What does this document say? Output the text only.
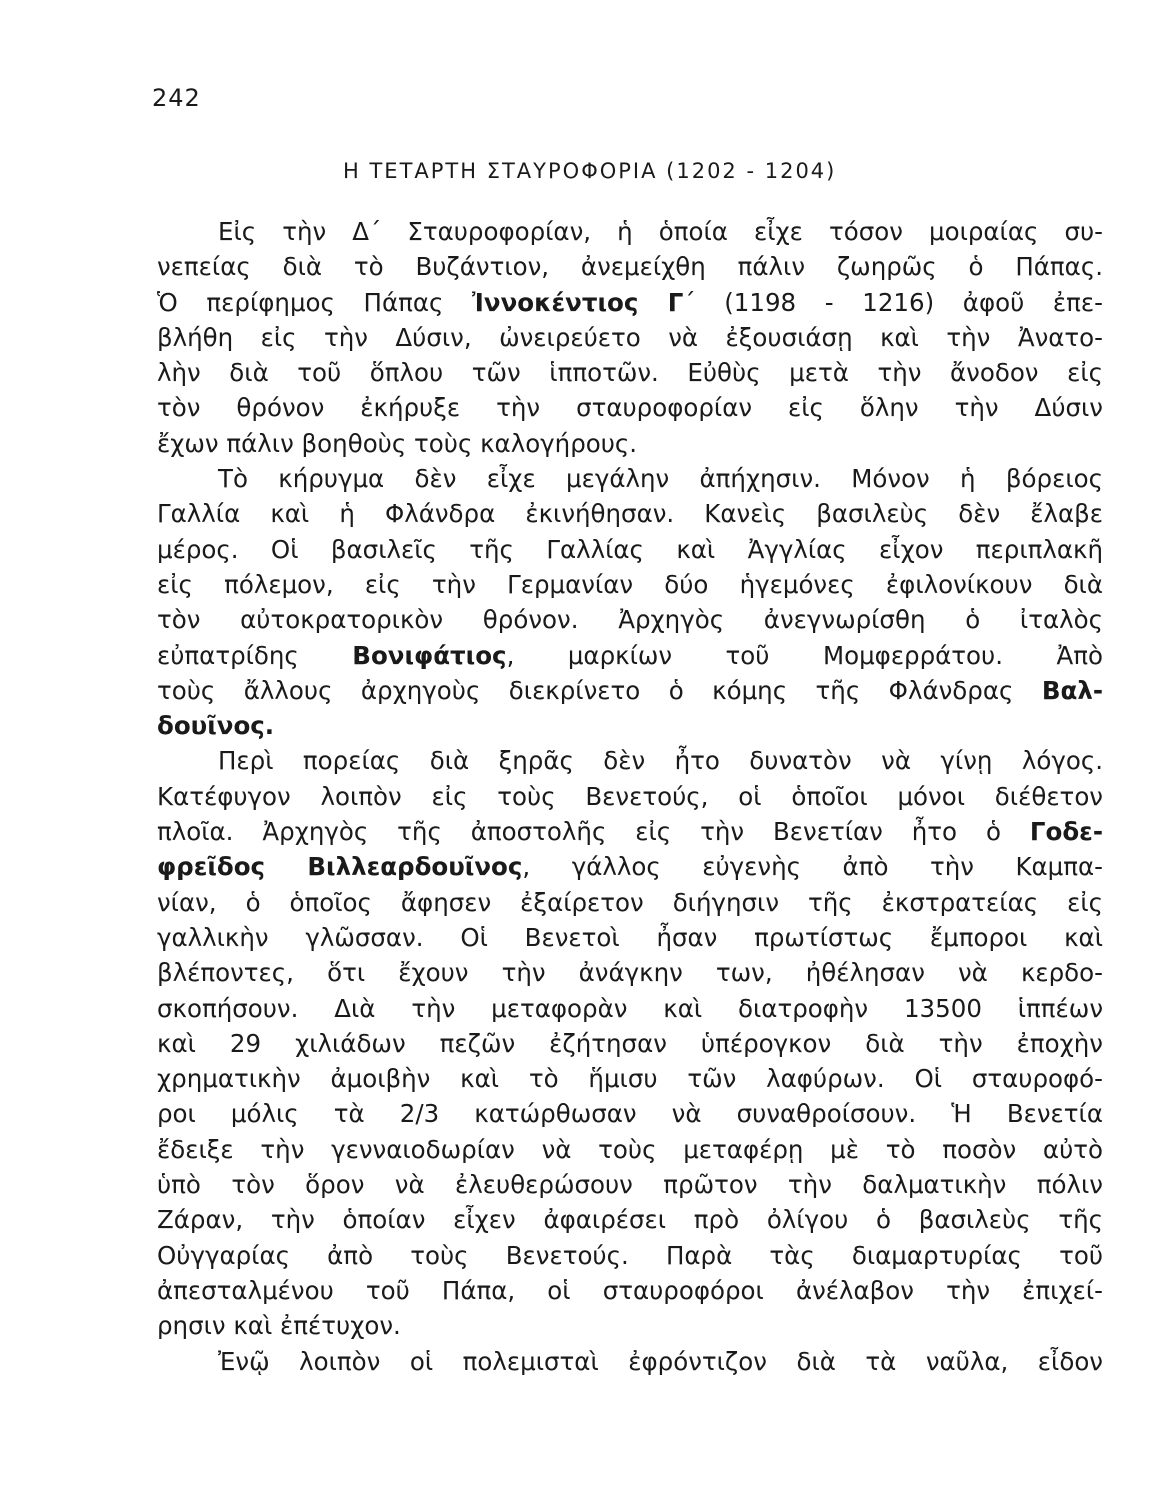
242
Η ΤΕΤΑΡΤΗ ΣΤΑΥΡΟΦΟΡΙΑ (1202 - 1204)
Εἰς τὴν Δ΄ Σταυροφορίαν, ἡ ὁποία εἶχε τόσον μοιραίας συ-
νεπείας διὰ τὸ Βυζάντιον, ἀνεμείχθη πάλιν ζωηρῶς ὁ Πάπας.
Ὁ περίφημος Πάπας Ἰννοκέντιος Γ΄ (1198 - 1216) ἀφοῦ ἐπε-
βλήθη εἰς τὴν Δύσιν, ὠνειρεύετο νὰ ἐξουσιάσῃ καὶ τὴν Ἀνατο-
λὴν διὰ τοῦ ὅπλου τῶν ἱπποτῶν. Εὐθὺς μετὰ τὴν ἄνοδον εἰς
τὸν θρόνον ἐκήρυξε τὴν σταυροφορίαν εἰς ὅλην τὴν Δύσιν
ἔχων πάλιν βοηθοὺς τοὺς καλογήρους.
Τὸ κήρυγμα δὲν εἶχε μεγάλην ἀπήχησιν. Μόνον ἡ βόρειος
Γαλλία καὶ ἡ Φλάνδρα ἐκινήθησαν. Κανεὶς βασιλεὺς δὲν ἔλαβε
μέρος. Οἱ βασιλεῖς τῆς Γαλλίας καὶ Ἀγγλίας εἶχον περιπλακῆ
εἰς πόλεμον, εἰς τὴν Γερμανίαν δύο ἡγεμόνες ἐφιλονίκουν διὰ
τὸν αὐτοκρατορικὸν θρόνον. Ἀρχηγὸς ἀνεγνωρίσθη ὁ ἰταλὸς
εὐπατρίδης Βονιφάτιος, μαρκίων τοῦ Μομφερράτου. Ἀπὸ
τοὺς ἄλλους ἀρχηγοὺς διεκρίνετο ὁ κόμης τῆς Φλάνδρας Βαλ-
δουῖνος.
Περὶ πορείας διὰ ξηρᾶς δὲν ἦτο δυνατὸν νὰ γίνῃ λόγος.
Κατέφυγον λοιπὸν εἰς τοὺς Βενετούς, οἱ ὁποῖοι μόνοι διέθετον
πλοῖα. Ἀρχηγὸς τῆς ἀποστολῆς εἰς τὴν Βενετίαν ἦτο ὁ Γοδε-
φρεῖδος Βιλλεαρδουῖνος, γάλλος εὐγενὴς ἀπὸ τὴν Καμπα-
νίαν, ὁ ὁποῖος ἄφησεν ἐξαίρετον διήγησιν τῆς ἐκστρατείας εἰς
γαλλικὴν γλῶσσαν. Οἱ Βενετοὶ ἦσαν πρωτίστως ἔμποροι καὶ
βλέποντες, ὅτι ἔχουν τὴν ἀνάγκην των, ἠθέλησαν νὰ κερδο-
σκοπήσουν. Διὰ τὴν μεταφορὰν καὶ διατροφὴν 13500 ἱππέων
καὶ 29 χιλιάδων πεζῶν ἐζήτησαν ὑπέρογκον διὰ τὴν ἐποχὴν
χρηματικὴν ἀμοιβὴν καὶ τὸ ἥμισυ τῶν λαφύρων. Οἱ σταυροφό-
ροι μόλις τὰ 2/3 κατώρθωσαν νὰ συναθροίσουν. Ἡ Βενετία
ἔδειξε τὴν γενναιοδωρίαν νὰ τοὺς μεταφέρῃ μὲ τὸ ποσὸν αὐτὸ
ὑπὸ τὸν ὅρον νὰ ἐλευθερώσουν πρῶτον τὴν δαλματικὴν πόλιν
Ζάραν, τὴν ὁποίαν εἶχεν ἀφαιρέσει πρὸ ὀλίγου ὁ βασιλεὺς τῆς
Οὐγγαρίας ἀπὸ τοὺς Βενετούς. Παρὰ τὰς διαμαρτυρίας τοῦ
ἀπεσταλμένου τοῦ Πάπα, οἱ σταυροφόροι ἀνέλαβον τὴν ἐπιχεί-
ρησιν καὶ ἐπέτυχον.
Ἐνῷ λοιπὸν οἱ πολεμισταὶ ἐφρόντιζον διὰ τὰ ναῦλα, εἶδον
